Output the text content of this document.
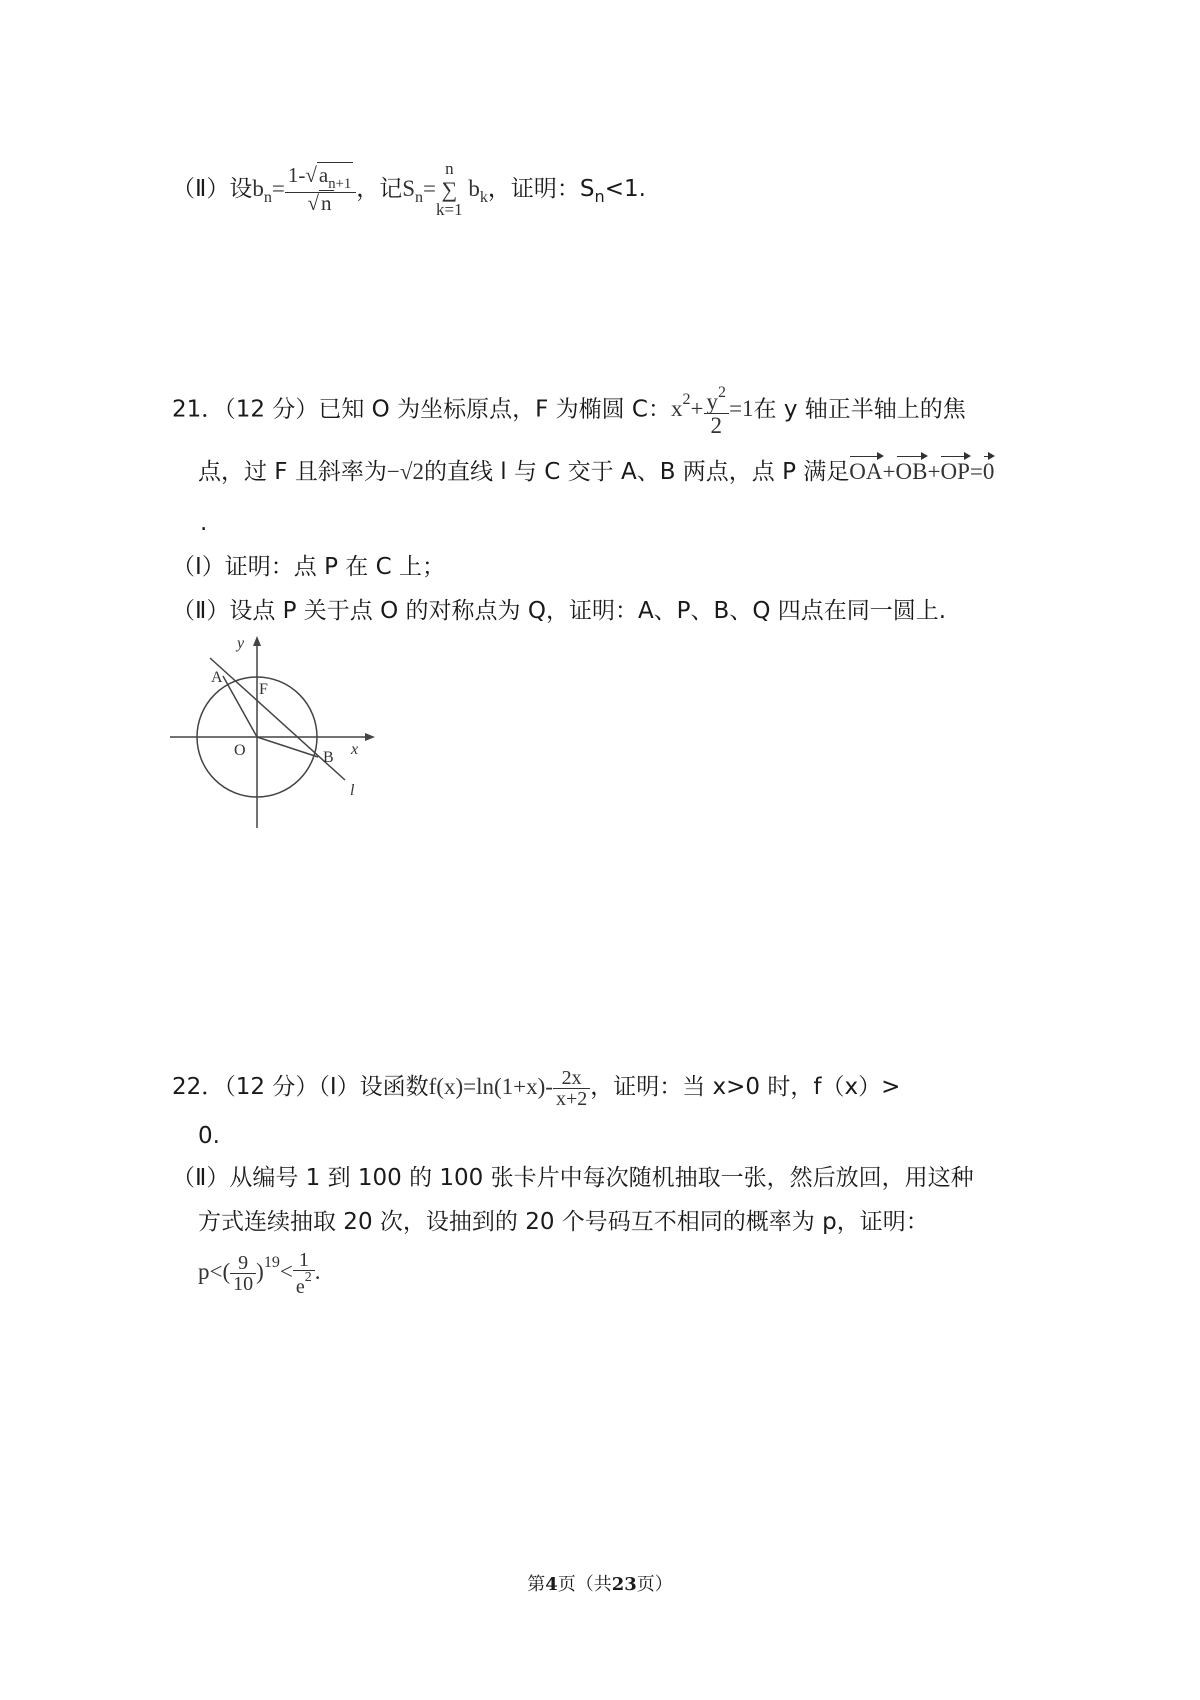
（Ⅱ）设$b_n= \frac{1-√a_{n+1}}{√n}$ ，记$S_n=$
n
∑
k=1
$b_k$，证明：$S_n<1$.
21．（12 分）已知 O 为坐标原点，F 为椭圆 C：$x^2+ \frac{y^2}{2} =1$在 y 轴正半轴上的焦
点，过 F 且斜率为−√2的直线 l 与 C 交于 A、B 两点，点 P 满足OA+OB+OP=0
.
（Ⅰ）证明：点 P 在 C 上；
（Ⅱ）设点 P 关于点 O 的对称点为 Q，证明：A、P、B、Q 四点在同一圆上.
y
x
A
F
O	B
l
22．（12 分）（Ⅰ）设函数$f(x)=\ln(1+x)- \frac{2x}{x+2}$ ，证明：当 x>0 时，f（x）>
0.
（Ⅱ）从编号 1 到 100 的 100 张卡片中每次随机抽取一张，然后放回，用这种
方式连续抽取 20 次，设抽到的 20 个号码互不相同的概率为 p，证明：
$p<( \frac{9}{10} )^{19}< \frac{1}{e^2}$ .
第4页（共23页）
